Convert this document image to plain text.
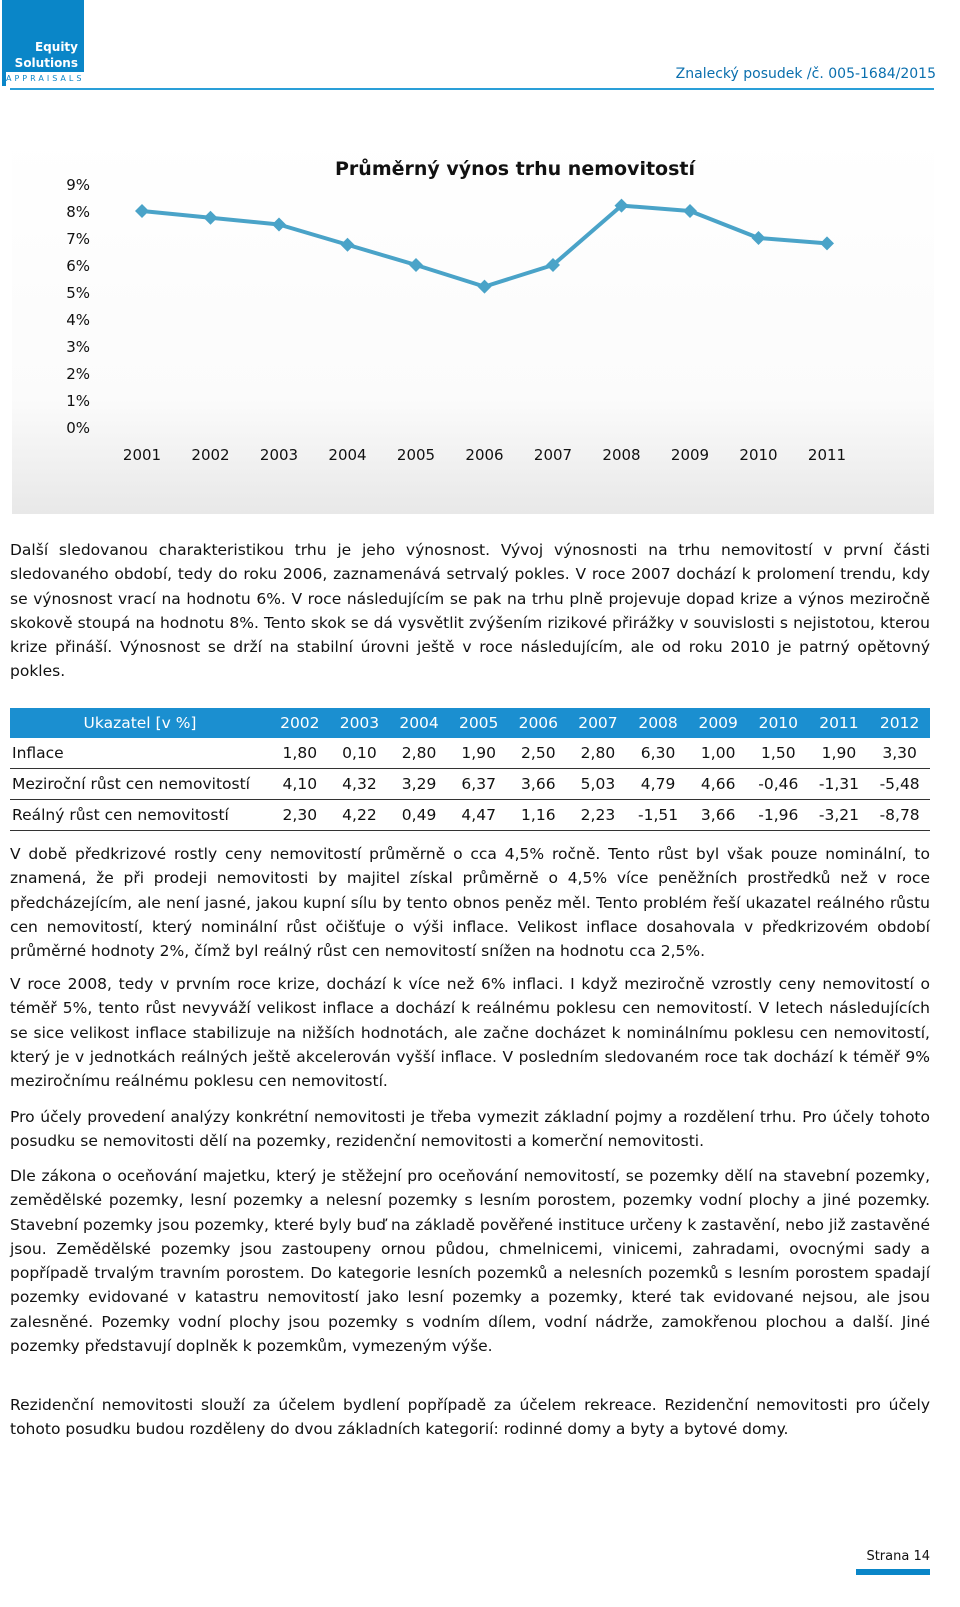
Equity
Solutions
APPRAISALS	Znalecký posudek /č. 005-1684/2015
Průměrný výnos trhu nemovitostí
0%
1%
2%
3%
4%
5%
6%
7%
8%
9%
2001 2002 2003 2004 2005 2006 2007 2008 2009 2010 2011

Další sledovanou charakteristikou trhu je jeho výnosnost. Vývoj výnosnosti na trhu nemovitostí v první části sledovaného období, tedy do roku 2006, zaznamenává setrvalý pokles. V roce 2007 dochází k prolomení trendu, kdy se výnosnost vrací na hodnotu 6%. V roce následujícím se pak na trhu plně projevuje dopad krize a výnos meziročně skokově stoupá na hodnotu 8%. Tento skok se dá vysvětlit zvýšením rizikové přirážky v souvislosti s nejistotou, kterou krize přináší. Výnosnost se drží na stabilní úrovni ještě v roce následujícím, ale od roku 2010 je patrný opětovný pokles.

Ukazatel [v %]	2002	2003	2004	2005	2006	2007	2008	2009	2010	2011	2012
Inflace	1,80	0,10	2,80	1,90	2,50	2,80	6,30	1,00	1,50	1,90	3,30
Meziroční růst cen nemovitostí	4,10	4,32	3,29	6,37	3,66	5,03	4,79	4,66	-0,46	-1,31	-5,48
Reálný růst cen nemovitostí	2,30	4,22	0,49	4,47	1,16	2,23	-1,51	3,66	-1,96	-3,21	-8,78

V době předkrizové rostly ceny nemovitostí průměrně o cca 4,5% ročně. Tento růst byl však pouze nominální, to znamená, že při prodeji nemovitosti by majitel získal průměrně o 4,5% více peněžních prostředků než v roce předcházejícím, ale není jasné, jakou kupní sílu by tento obnos peněz měl. Tento problém řeší ukazatel reálného růstu cen nemovitostí, který nominální růst očišťuje o výši inflace. Velikost inflace dosahovala v předkrizovém období průměrné hodnoty 2%, čímž byl reálný růst cen nemovitostí snížen na hodnotu cca 2,5%.

V roce 2008, tedy v prvním roce krize, dochází k více než 6% inflaci. I když meziročně vzrostly ceny nemovitostí o téměř 5%, tento růst nevyváží velikost inflace a dochází k reálnému poklesu cen nemovitostí. V letech následujících se sice velikost inflace stabilizuje na nižších hodnotách, ale začne docházet k nominálnímu poklesu cen nemovitostí, který je v jednotkách reálných ještě akcelerován vyšší inflace. V posledním sledovaném roce tak dochází k téměř 9% meziročnímu reálnému poklesu cen nemovitostí.

Pro účely provedení analýzy konkrétní nemovitosti je třeba vymezit základní pojmy a rozdělení trhu. Pro účely tohoto posudku se nemovitosti dělí na pozemky, rezidenční nemovitosti a komerční nemovitosti.

Dle zákona o oceňování majetku, který je stěžejní pro oceňování nemovitostí, se pozemky dělí na stavební pozemky, zemědělské pozemky, lesní pozemky a nelesní pozemky s lesním porostem, pozemky vodní plochy a jiné pozemky. Stavební pozemky jsou pozemky, které byly buď na základě pověřené instituce určeny k zastavění, nebo již zastavěné jsou. Zemědělské pozemky jsou zastoupeny ornou půdou, chmelnicemi, vinicemi, zahradami, ovocnými sady a popřípadě trvalým travním porostem. Do kategorie lesních pozemků a nelesních pozemků s lesním porostem spadají pozemky evidované v katastru nemovitostí jako lesní pozemky a pozemky, které tak evidované nejsou, ale jsou zalesněné. Pozemky vodní plochy jsou pozemky s vodním dílem, vodní nádrže, zamokřenou plochou a další. Jiné pozemky představují doplněk k pozemkům, vymezeným výše.

Rezidenční nemovitosti slouží za účelem bydlení popřípadě za účelem rekreace. Rezidenční nemovitosti pro účely tohoto posudku budou rozděleny do dvou základních kategorií: rodinné domy a byty a bytové domy.

Strana 14
